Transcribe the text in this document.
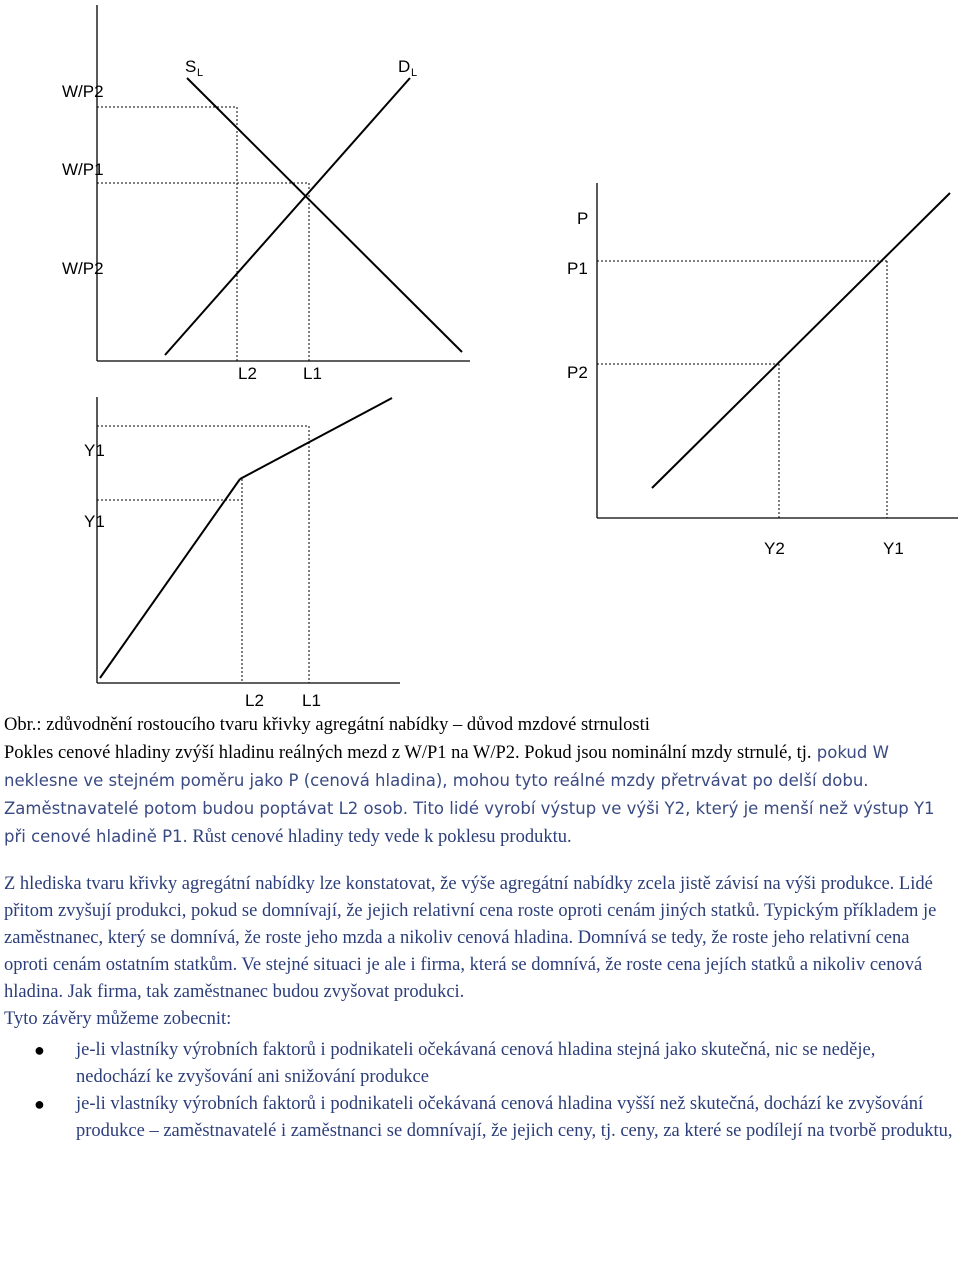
W/P2
W/P1
W/P2
S L	D L
L2	L1
P
P1
P2
Y2	Y1
Y1
Y1
L2 L1

Obr.: zdůvodnění rostoucího tvaru křivky agregátní nabídky – důvod mzdové strnulosti

Pokles cenové hladiny zvýší hladinu reálných mezd z W/P1 na W/P2. Pokud jsou nominální mzdy strnulé, tj. pokud W neklesne ve stejném poměru jako P (cenová hladina), mohou tyto reálné mzdy přetrvávat po delší dobu. Zaměstnavatelé potom budou poptávat L2 osob. Tito lidé vyrobí výstup ve výši Y2, který je menší než výstup Y1 při cenové hladině P1. Růst cenové hladiny tedy vede k poklesu produktu.

Z hlediska tvaru křivky agregátní nabídky lze konstatovat, že výše agregátní nabídky zcela jistě závisí na výši produkce. Lidé přitom zvyšují produkci, pokud se domnívají, že jejich relativní cena roste oproti cenám jiných statků. Typickým příkladem je zaměstnanec, který se domnívá, že roste jeho mzda a nikoliv cenová hladina. Domnívá se tedy, že roste jeho relativní cena oproti cenám ostatním statkům. Ve stejné situaci je ale i firma, která se domnívá, že roste cena jejích statků a nikoliv cenová hladina. Jak firma, tak zaměstnanec budou zvyšovat produkci.

Tyto závěry můžeme zobecnit:

● je-li vlastníky výrobních faktorů i podnikateli očekávaná cenová hladina stejná jako skutečná, nic se neděje, nedochází ke zvyšování ani snižování produkce
● je-li vlastníky výrobních faktorů i podnikateli očekávaná cenová hladina vyšší než skutečná, dochází ke zvyšování produkce – zaměstnavatelé i zaměstnanci se domnívají, že jejich ceny, tj. ceny, za které se podílejí na tvorbě produktu,
